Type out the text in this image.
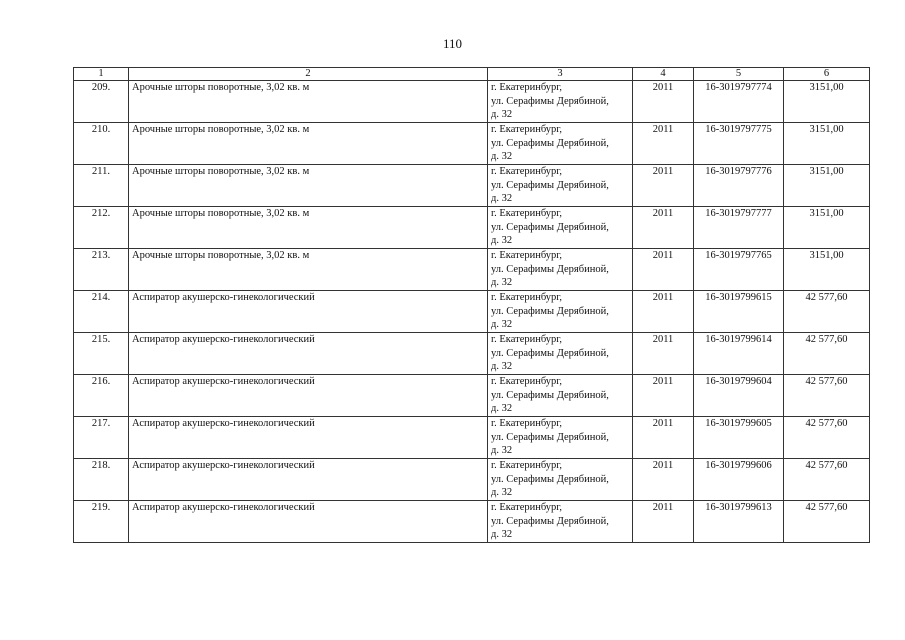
110
1	2	3	4	5	6
209.	Арочные шторы поворотные, 3,02 кв. м	г. Екатеринбург,
ул. Серафимы Дерябиной,
д. 32	2011	16-3019797774	3151,00
210.	Арочные шторы поворотные, 3,02 кв. м	г. Екатеринбург,
ул. Серафимы Дерябиной,
д. 32	2011	16-3019797775	3151,00
211.	Арочные шторы поворотные, 3,02 кв. м	г. Екатеринбург,
ул. Серафимы Дерябиной,
д. 32	2011	16-3019797776	3151,00
212.	Арочные шторы поворотные, 3,02 кв. м	г. Екатеринбург,
ул. Серафимы Дерябиной,
д. 32	2011	16-3019797777	3151,00
213.	Арочные шторы поворотные, 3,02 кв. м	г. Екатеринбург,
ул. Серафимы Дерябиной,
д. 32	2011	16-3019797765	3151,00
214.	Аспиратор акушерско-гинекологический	г. Екатеринбург,
ул. Серафимы Дерябиной,
д. 32	2011	16-3019799615	42 577,60
215.	Аспиратор акушерско-гинекологический	г. Екатеринбург,
ул. Серафимы Дерябиной,
д. 32	2011	16-3019799614	42 577,60
216.	Аспиратор акушерско-гинекологический	г. Екатеринбург,
ул. Серафимы Дерябиной,
д. 32	2011	16-3019799604	42 577,60
217.	Аспиратор акушерско-гинекологический	г. Екатеринбург,
ул. Серафимы Дерябиной,
д. 32	2011	16-3019799605	42 577,60
218.	Аспиратор акушерско-гинекологический	г. Екатеринбург,
ул. Серафимы Дерябиной,
д. 32	2011	16-3019799606	42 577,60
219.	Аспиратор акушерско-гинекологический	г. Екатеринбург,
ул. Серафимы Дерябиной,
д. 32	2011	16-3019799613	42 577,60
